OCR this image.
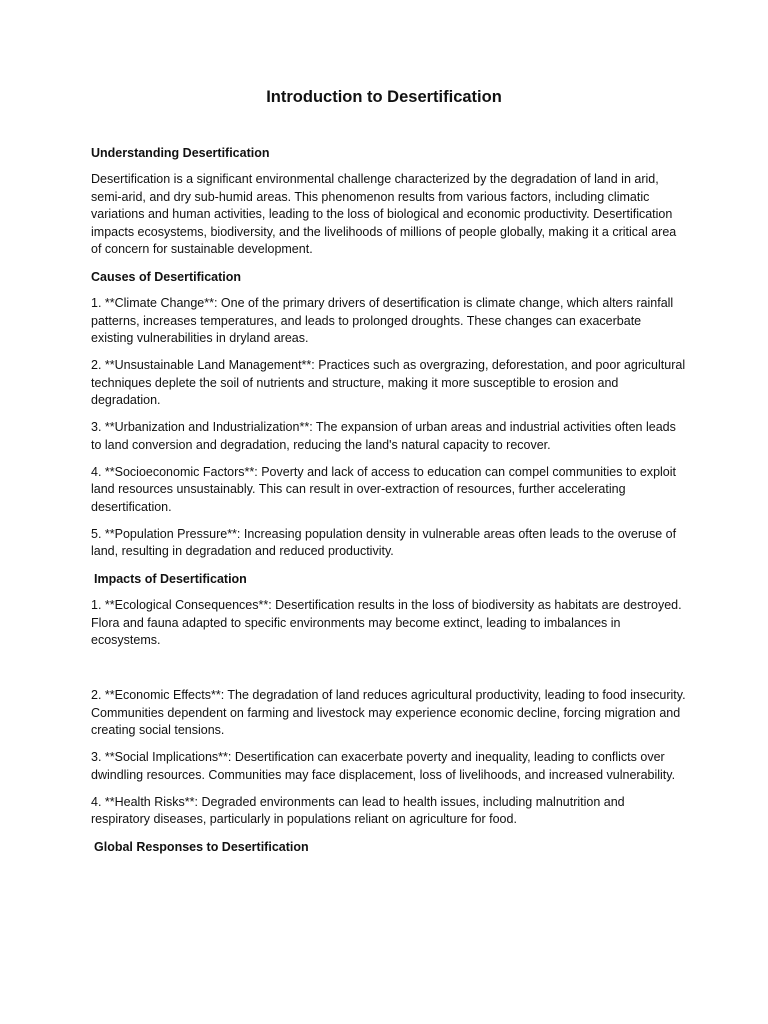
Introduction to Desertification
Understanding Desertification

Desertification is a significant environmental challenge characterized by the degradation of land in arid, semi-arid, and dry sub-humid areas. This phenomenon results from various factors, including climatic variations and human activities, leading to the loss of biological and economic productivity. Desertification impacts ecosystems, biodiversity, and the livelihoods of millions of people globally, making it a critical area of concern for sustainable development.

Causes of Desertification

1. **Climate Change**: One of the primary drivers of desertification is climate change, which alters rainfall patterns, increases temperatures, and leads to prolonged droughts. These changes can exacerbate existing vulnerabilities in dryland areas.

2. **Unsustainable Land Management**: Practices such as overgrazing, deforestation, and poor agricultural techniques deplete the soil of nutrients and structure, making it more susceptible to erosion and degradation.

3. **Urbanization and Industrialization**: The expansion of urban areas and industrial activities often leads to land conversion and degradation, reducing the land's natural capacity to recover.

4. **Socioeconomic Factors**: Poverty and lack of access to education can compel communities to exploit land resources unsustainably. This can result in over-extraction of resources, further accelerating desertification.

5. **Population Pressure**: Increasing population density in vulnerable areas often leads to the overuse of land, resulting in degradation and reduced productivity.

Impacts of Desertification

1. **Ecological Consequences**: Desertification results in the loss of biodiversity as habitats are destroyed. Flora and fauna adapted to specific environments may become extinct, leading to imbalances in ecosystems.

2. **Economic Effects**: The degradation of land reduces agricultural productivity, leading to food insecurity. Communities dependent on farming and livestock may experience economic decline, forcing migration and creating social tensions.

3. **Social Implications**: Desertification can exacerbate poverty and inequality, leading to conflicts over dwindling resources. Communities may face displacement, loss of livelihoods, and increased vulnerability.

4. **Health Risks**: Degraded environments can lead to health issues, including malnutrition and respiratory diseases, particularly in populations reliant on agriculture for food.

Global Responses to Desertification
